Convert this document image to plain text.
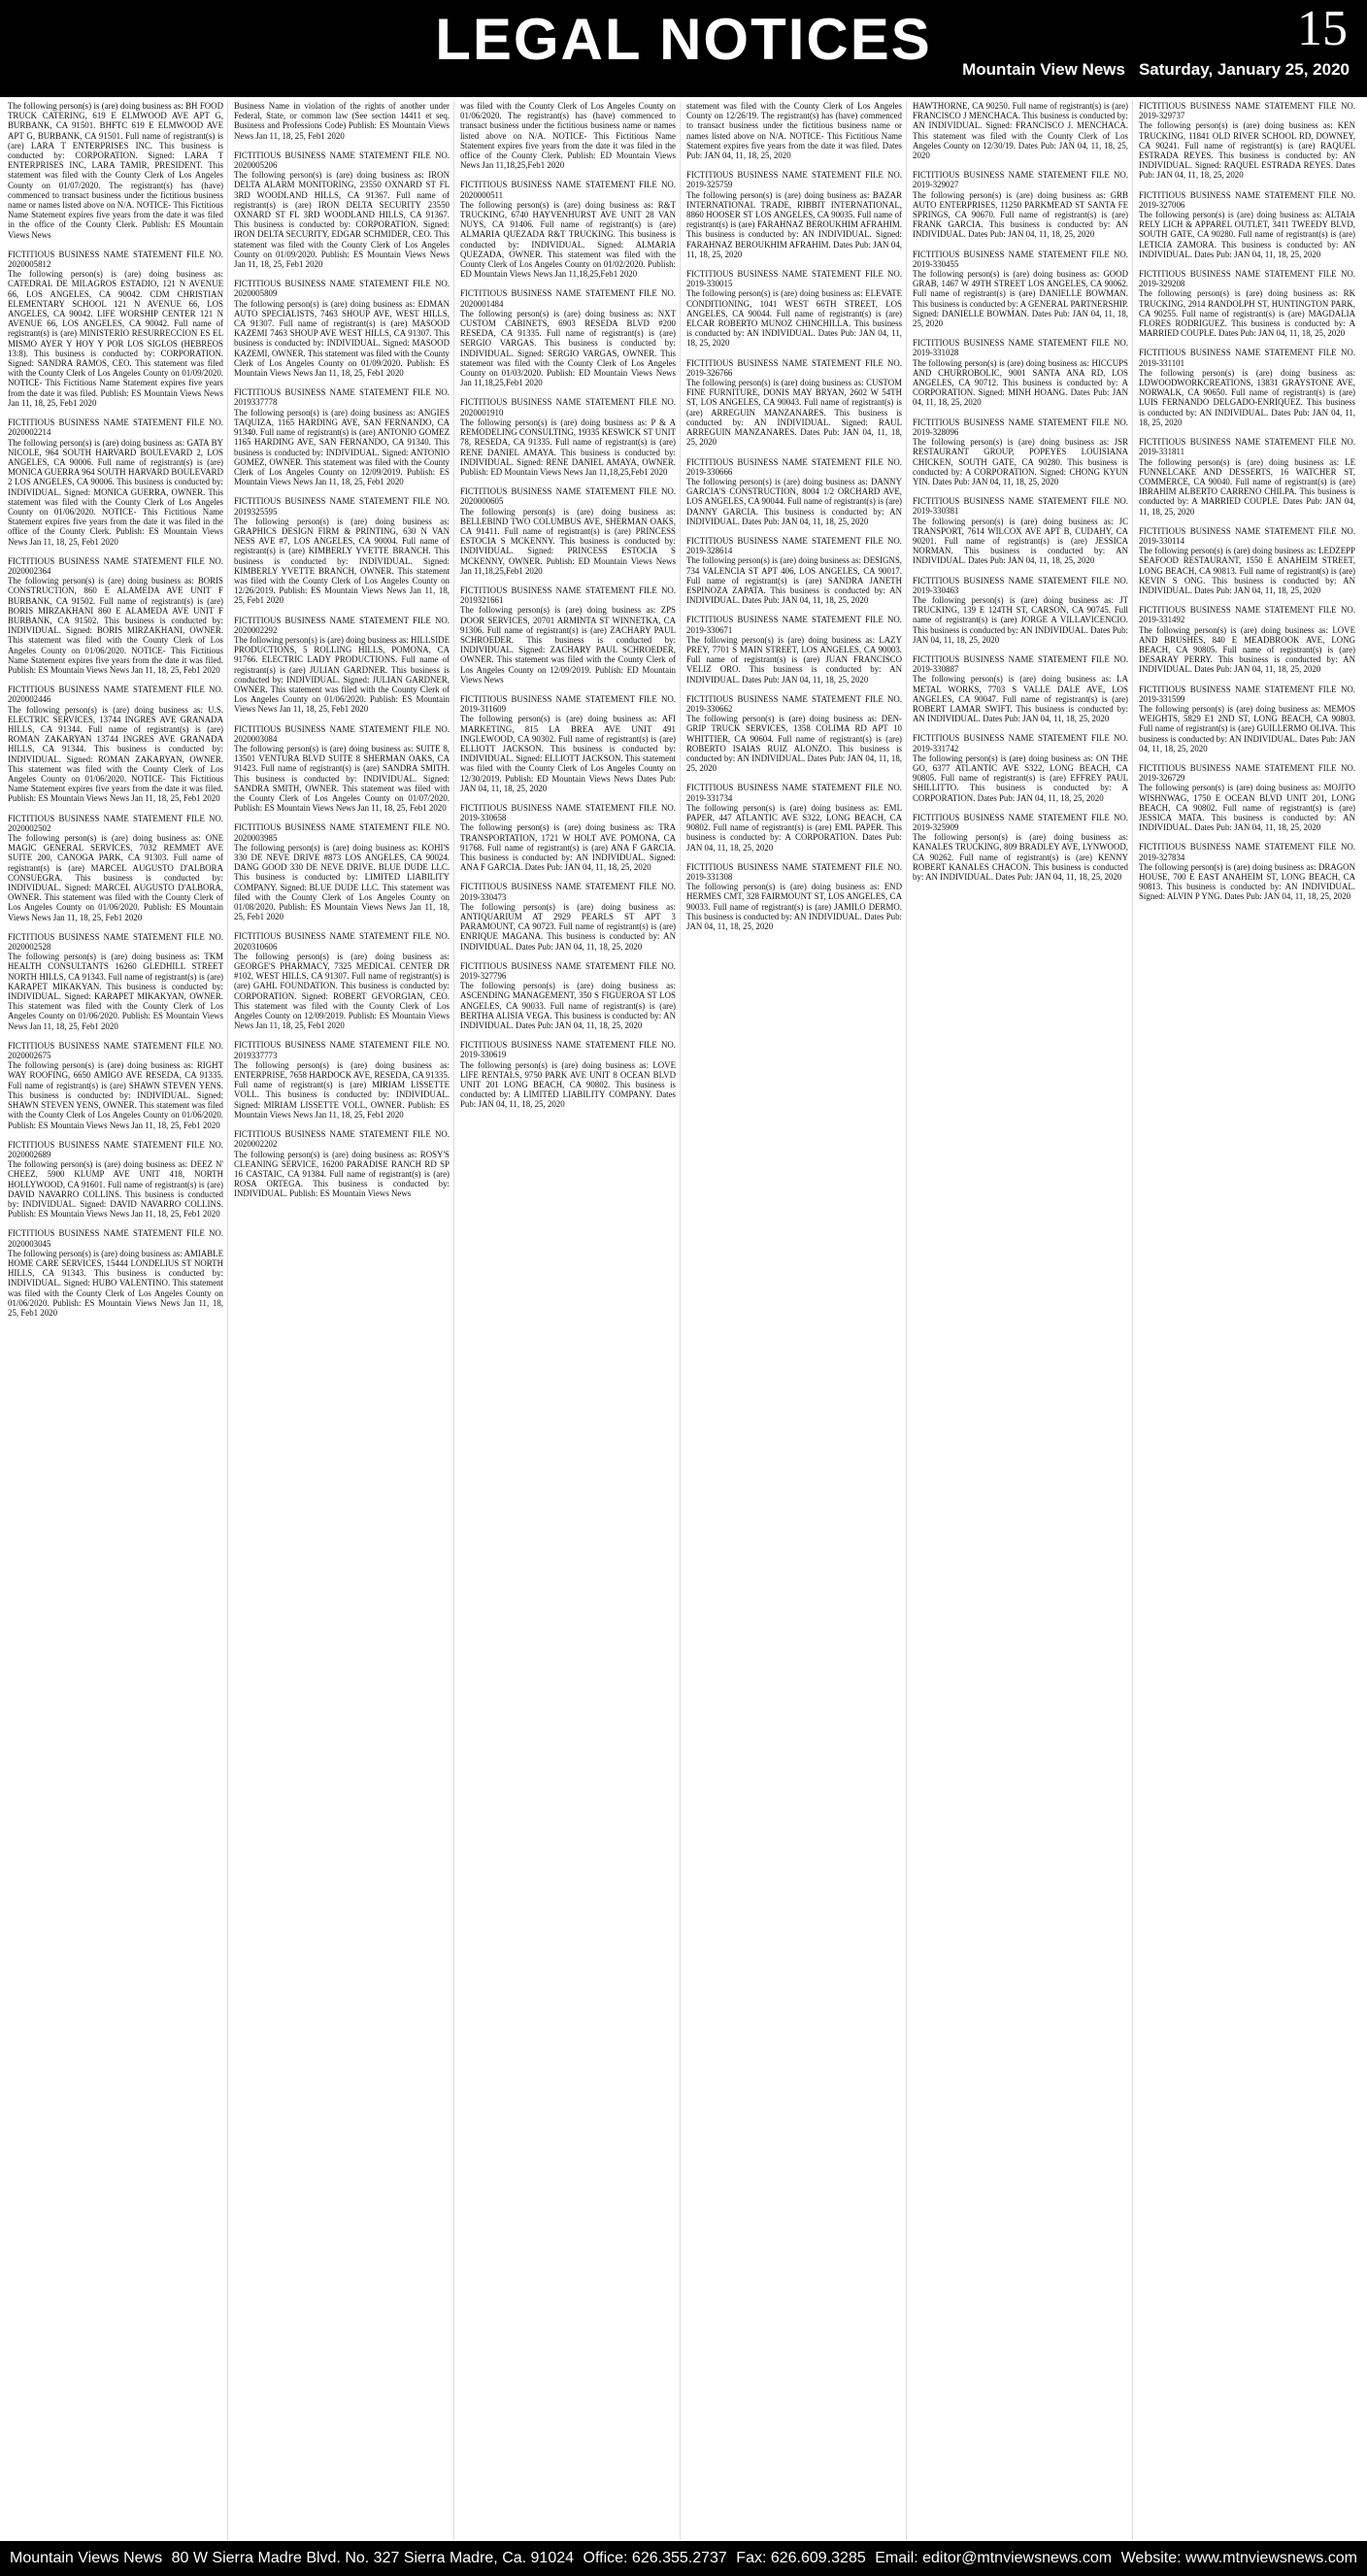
LEGAL NOTICES	15
Mountain View News Saturday, January 25, 2020
The following person(s) is (are) doing business as: BH FOOD TRUCK CATERING, 619 E ELMWOOD AVE APT G, BURBANK, CA 91501. BHFTC 619 E ELMWOOD AVE APT G, BURBANK, CA 91501. Full name of registrant(s) is (are) LARA T ENTERPRISES INC. This business is conducted by: CORPORATION. Signed: LARA T ENTERPRISES INC, LARA TAMIR, PRESIDENT. This statement was filed with the County Clerk of Los Angeles County on 01/07/2020. The registrant(s) has (have) commenced to transact business under the fictitious business name or names listed above on N/A. NOTICE- This Fictitious Name Statement expires five years from the date it was filed in the office of the County Clerk. Publish: ES Mountain Views News
FICTITIOUS BUSINESS NAME STATEMENT FILE NO. 2020005812
The following person(s) is (are) doing business as: CATEDRAL DE MILAGROS ESTADIO, 121 N AVENUE 66, LOS ANGELES, CA 90042. CDM CHRISTIAN ELEMENTARY SCHOOL 121 N AVENUE 66, LOS ANGELES, CA 90042. LIFE WORSHIP CENTER 121 N AVENUE 66, LOS ANGELES, CA 90042. Full name of registrant(s) is (are) MINISTERIO RESURRECCION ES EL MISMO AYER Y HOY Y POR LOS SIGLOS (HEBREOS 13:8). This business is conducted by: CORPORATION. Signed: SANDRA RAMOS, CEO. This statement was filed with the County Clerk of Los Angeles County on 01/09/2020. NOTICE- This Fictitious Name Statement expires five years from the date it was filed. Publish: ES Mountain Views News Jan 11, 18, 25, Feb1 2020
FICTITIOUS BUSINESS NAME STATEMENT FILE NO. 2020002214
The following person(s) is (are) doing business as: GATA BY NICOLE, 964 SOUTH HARVARD BOULEVARD 2, LOS ANGELES, CA 90006. Full name of registrant(s) is (are) MONICA GUERRA 964 SOUTH HARVARD BOULEVARD 2 LOS ANGELES, CA 90006. This business is conducted by: INDIVIDUAL. Signed: MONICA GUERRA, OWNER. This statement was filed with the County Clerk of Los Angeles County on 01/06/2020. NOTICE- This Fictitious Name Statement expires five years from the date it was filed in the office of the County Clerk. Publish: ES Mountain Views News Jan 11, 18, 25, Feb1 2020
FICTITIOUS BUSINESS NAME STATEMENT FILE NO. 2020002364
The following person(s) is (are) doing business as: BORIS CONSTRUCTION, 860 E ALAMEDA AVE UNIT F BURBANK, CA 91502. Full name of registrant(s) is (are) BORIS MIRZAKHANI 860 E ALAMEDA AVE UNIT F BURBANK, CA 91502. This business is conducted by: INDIVIDUAL. Signed: BORIS MIRZAKHANI, OWNER. This statement was filed with the County Clerk of Los Angeles County on 01/06/2020. NOTICE- This Fictitious Name Statement expires five years from the date it was filed. Publish: ES Mountain Views News Jan 11, 18, 25, Feb1 2020
FICTITIOUS BUSINESS NAME STATEMENT FILE NO. 2020002446
The following person(s) is (are) doing business as: U.S. ELECTRIC SERVICES, 13744 INGRES AVE GRANADA HILLS, CA 91344. Full name of registrant(s) is (are) ROMAN ZAKARYAN 13744 INGRES AVE GRANADA HILLS, CA 91344. This business is conducted by: INDIVIDUAL. Signed: ROMAN ZAKARYAN, OWNER. This statement was filed with the County Clerk of Los Angeles County on 01/06/2020. NOTICE- This Fictitious Name Statement expires five years from the date it was filed. Publish: ES Mountain Views News Jan 11, 18, 25, Feb1 2020
FICTITIOUS BUSINESS NAME STATEMENT FILE NO. 2020002502
The following person(s) is (are) doing business as: ONE MAGIC GENERAL SERVICES, 7032 REMMET AVE SUITE 200, CANOGA PARK, CA 91303. Full name of registrant(s) is (are) MARCEL AUGUSTO D'ALBORA CONSUEGRA. This business is conducted by: INDIVIDUAL. Signed: MARCEL AUGUSTO D'ALBORA, OWNER. This statement was filed with the County Clerk of Los Angeles County on 01/06/2020. Publish: ES Mountain Views News Jan 11, 18, 25, Feb1 2020
FICTITIOUS BUSINESS NAME STATEMENT FILE NO. 2020002528
The following person(s) is (are) doing business as: TKM HEALTH CONSULTANTS 16260 GLEDHILL STREET NORTH HILLS, CA 91343. Full name of registrant(s) is (are) KARAPET MIKAKYAN. This business is conducted by: INDIVIDUAL. Signed: KARAPET MIKAKYAN, OWNER. This statement was filed with the County Clerk of Los Angeles County on 01/06/2020. Publish: ES Mountain Views News Jan 11, 18, 25, Feb1 2020
FICTITIOUS BUSINESS NAME STATEMENT FILE NO. 2020002675
The following person(s) is (are) doing business as: RIGHT WAY ROOFING, 6650 AMIGO AVE RESEDA, CA 91335. Full name of registrant(s) is (are) SHAWN STEVEN YENS. This business is conducted by: INDIVIDUAL. Signed: SHAWN STEVEN YENS, OWNER. This statement was filed with the County Clerk of Los Angeles County on 01/06/2020. Publish: ES Mountain Views News Jan 11, 18, 25, Feb1 2020
FICTITIOUS BUSINESS NAME STATEMENT FILE NO. 2020002689
The following person(s) is (are) doing business as: DEEZ N' CHEEZ, 5900 KLUMP AVE UNIT 418, NORTH HOLLYWOOD, CA 91601. Full name of registrant(s) is (are) DAVID NAVARRO COLLINS. This business is conducted by: INDIVIDUAL. Signed: DAVID NAVARRO COLLINS. Publish: ES Mountain Views News Jan 11, 18, 25, Feb1 2020
FICTITIOUS BUSINESS NAME STATEMENT FILE NO. 2020003045
The following person(s) is (are) doing business as: AMIABLE HOME CARE SERVICES, 15444 LONDELIUS ST NORTH HILLS, CA 91343. This business is conducted by: INDIVIDUAL. Signed: HUBO VALENTINO. This statement was filed with the County Clerk of Los Angeles County on 01/06/2020. Publish: ES Mountain Views News Jan 11, 18, 25, Feb1 2020
Business Name in violation of the rights of another under Federal, State, or common law (See section 14411 et seq. Business and Professions Code) Publish: ES Mountain Views News Jan 11, 18, 25, Feb1 2020
FICTITIOUS BUSINESS NAME STATEMENT FILE NO. 2020005206
The following person(s) is (are) doing business as: IRON DELTA ALARM MONITORING, 23550 OXNARD ST FL 3RD WOODLAND HILLS, CA 91367. Full name of registrant(s) is (are) IRON DELTA SECURITY 23550 OXNARD ST FL 3RD WOODLAND HILLS, CA 91367. This business is conducted by: CORPORATION. Signed: IRON DELTA SECURITY, EDGAR SCHMIDER, CEO. This statement was filed with the County Clerk of Los Angeles County on 01/09/2020. Publish: ES Mountain Views News Jan 11, 18, 25, Feb1 2020
FICTITIOUS BUSINESS NAME STATEMENT FILE NO. 2020005809
The following person(s) is (are) doing business as: EDMAN AUTO SPECIALISTS, 7463 SHOUP AVE, WEST HILLS, CA 91307. Full name of registrant(s) is (are) MASOOD KAZEMI 7463 SHOUP AVE WEST HILLS, CA 91307. This business is conducted by: INDIVIDUAL. Signed: MASOOD KAZEMI, OWNER. This statement was filed with the County Clerk of Los Angeles County on 01/09/2020. Publish: ES Mountain Views News Jan 11, 18, 25, Feb1 2020
FICTITIOUS BUSINESS NAME STATEMENT FILE NO. 2019337778
The following person(s) is (are) doing business as: ANGIES TAQUIZA, 1165 HARDING AVE, SAN FERNANDO, CA 91340. Full name of registrant(s) is (are) ANTONIO GOMEZ 1165 HARDING AVE, SAN FERNANDO, CA 91340. This business is conducted by: INDIVIDUAL. Signed: ANTONIO GOMEZ, OWNER. This statement was filed with the County Clerk of Los Angeles County on 12/09/2019. Publish: ES Mountain Views News Jan 11, 18, 25, Feb1 2020
FICTITIOUS BUSINESS NAME STATEMENT FILE NO. 2019325595
The following person(s) is (are) doing business as: GRAPHICS DESIGN FIRM & PRINTING, 630 N VAN NESS AVE #7, LOS ANGELES, CA 90004. Full name of registrant(s) is (are) KIMBERLY YVETTE BRANCH. This business is conducted by: INDIVIDUAL. Signed: KIMBERLY YVETTE BRANCH, OWNER. This statement was filed with the County Clerk of Los Angeles County on 12/26/2019. Publish: ES Mountain Views News Jan 11, 18, 25, Feb1 2020
FICTITIOUS BUSINESS NAME STATEMENT FILE NO. 2020002292
The following person(s) is (are) doing business as: HILLSIDE PRODUCTIONS, 5 ROLLING HILLS, POMONA, CA 91766. ELECTRIC LADY PRODUCTIONS. Full name of registrant(s) is (are) JULIAN GARDNER. This business is conducted by: INDIVIDUAL. Signed: JULIAN GARDNER, OWNER. This statement was filed with the County Clerk of Los Angeles County on 01/06/2020. Publish: ES Mountain Views News Jan 11, 18, 25, Feb1 2020
FICTITIOUS BUSINESS NAME STATEMENT FILE NO. 2020003084
The following person(s) is (are) doing business as: SUITE 8, 13501 VENTURA BLVD SUITE 8 SHERMAN OAKS, CA 91423. Full name of registrant(s) is (are) SANDRA SMITH. This business is conducted by: INDIVIDUAL. Signed: SANDRA SMITH, OWNER. This statement was filed with the County Clerk of Los Angeles County on 01/07/2020. Publish: ES Mountain Views News Jan 11, 18, 25, Feb1 2020
FICTITIOUS BUSINESS NAME STATEMENT FILE NO. 2020003985
The following person(s) is (are) doing business as: KOHI'S 330 DE NEVE DRIVE #873 LOS ANGELES, CA 90024. DANG GOOD 330 DE NEVE DRIVE. BLUE DUDE LLC. This business is conducted by: LIMITED LIABILITY COMPANY. Signed: BLUE DUDE LLC. This statement was filed with the County Clerk of Los Angeles County on 01/08/2020. Publish: ES Mountain Views News Jan 11, 18, 25, Feb1 2020
FICTITIOUS BUSINESS NAME STATEMENT FILE NO. 2020310606
The following person(s) is (are) doing business as: GEORGE'S PHARMACY, 7325 MEDICAL CENTER DR #102, WEST HILLS, CA 91307. Full name of registrant(s) is (are) GAHL FOUNDATION. This business is conducted by: CORPORATION. Signed: ROBERT GEVORGIAN, CEO. This statement was filed with the County Clerk of Los Angeles County on 12/09/2019. Publish: ES Mountain Views News Jan 11, 18, 25, Feb1 2020
FICTITIOUS BUSINESS NAME STATEMENT FILE NO. 2019337773
The following person(s) is (are) doing business as: ENTERPRISE, 7658 HARDOCK AVE, RESEDA, CA 91335. Full name of registrant(s) is (are) MIRIAM LISSETTE VOLL. This business is conducted by: INDIVIDUAL. Signed: MIRIAM LISSETTE VOLL, OWNER. Publish: ES Mountain Views News Jan 11, 18, 25, Feb1 2020
FICTITIOUS BUSINESS NAME STATEMENT FILE NO. 2020002202
The following person(s) is (are) doing business as: ROSY'S CLEANING SERVICE, 16200 PARADISE RANCH RD SP 16 CASTAIC, CA 91384. Full name of registrant(s) is (are) ROSA ORTEGA. This business is conducted by: INDIVIDUAL. Publish: ES Mountain Views News
was filed with the County Clerk of Los Angeles County on 01/06/2020. The registrant(s) has (have) commenced to transact business under the fictitious business name or names listed above on N/A. NOTICE- This Fictitious Name Statement expires five years from the date it was filed in the office of the County Clerk. Publish: ED Mountain Views News Jan 11,18,25,Feb1 2020
FICTITIOUS BUSINESS NAME STATEMENT FILE NO. 2020000511
The following person(s) is (are) doing business as: R&T TRUCKING, 6740 HAYVENHURST AVE UNIT 28 VAN NUYS, CA 91406. Full name of registrant(s) is (are) ALMARIA QUEZADA R&T TRUCKING. This business is conducted by: INDIVIDUAL. Signed: ALMARIA QUEZADA, OWNER. This statement was filed with the County Clerk of Los Angeles County on 01/02/2020. Publish: ED Mountain Views News Jan 11,18,25,Feb1 2020
FICTITIOUS BUSINESS NAME STATEMENT FILE NO. 2020001484
The following person(s) is (are) doing business as: NXT CUSTOM CABINETS, 6903 RESEDA BLVD #200 RESEDA, CA 91335. Full name of registrant(s) is (are) SERGIO VARGAS. This business is conducted by: INDIVIDUAL. Signed: SERGIO VARGAS, OWNER. This statement was filed with the County Clerk of Los Angeles County on 01/03/2020. Publish: ED Mountain Views News Jan 11,18,25,Feb1 2020
FICTITIOUS BUSINESS NAME STATEMENT FILE NO. 2020001910
The following person(s) is (are) doing business as: P & A REMODELING CONSULTING, 19335 KESWICK ST UNIT 78, RESEDA, CA 91335. Full name of registrant(s) is (are) RENE DANIEL AMAYA. This business is conducted by: INDIVIDUAL. Signed: RENE DANIEL AMAYA, OWNER. Publish: ED Mountain Views News Jan 11,18,25,Feb1 2020
FICTITIOUS BUSINESS NAME STATEMENT FILE NO. 2020000605
The following person(s) is (are) doing business as: BELLEBIND TWO COLUMBUS AVE, SHERMAN OAKS, CA 91411. Full name of registrant(s) is (are) PRINCESS ESTOCIA S MCKENNY. This business is conducted by: INDIVIDUAL. Signed: PRINCESS ESTOCIA S MCKENNY, OWNER. Publish: ED Mountain Views News Jan 11,18,25,Feb1 2020
FICTITIOUS BUSINESS NAME STATEMENT FILE NO. 2019321661
The following person(s) is (are) doing business as: ZPS DOOR SERVICES, 20701 ARMINTA ST WINNETKA, CA 91306. Full name of registrant(s) is (are) ZACHARY PAUL SCHROEDER. This business is conducted by: INDIVIDUAL. Signed: ZACHARY PAUL SCHROEDER, OWNER. This statement was filed with the County Clerk of Los Angeles County on 12/09/2019. Publish: ED Mountain Views News
FICTITIOUS BUSINESS NAME STATEMENT FILE NO. 2019-311609
The following person(s) is (are) doing business as: AFI MARKETING, 815 LA BREA AVE UNIT 491 INGLEWOOD, CA 90302. Full name of registrant(s) is (are) ELLIOTT JACKSON. This business is conducted by: INDIVIDUAL. Signed: ELLIOTT JACKSON. This statement was filed with the County Clerk of Los Angeles County on 12/30/2019. Publish: ED Mountain Views News Dates Pub: JAN 04, 11, 18, 25, 2020
FICTITIOUS BUSINESS NAME STATEMENT FILE NO. 2019-330658
The following person(s) is (are) doing business as: TRA TRANSPORTATION, 1721 W HOLT AVE POMONA, CA 91768. Full name of registrant(s) is (are) ANA F GARCIA. This business is conducted by: AN INDIVIDUAL. Signed: ANA F GARCIA. Dates Pub: JAN 04, 11, 18, 25, 2020
FICTITIOUS BUSINESS NAME STATEMENT FILE NO. 2019-330473
The following person(s) is (are) doing business as: ANTIQUARIUM AT 2929 PEARLS ST APT 3 PARAMOUNT, CA 90723. Full name of registrant(s) is (are) ENRIQUE MAGANA. This business is conducted by: AN INDIVIDUAL. Dates Pub: JAN 04, 11, 18, 25, 2020
FICTITIOUS BUSINESS NAME STATEMENT FILE NO. 2019-327796
The following person(s) is (are) doing business as: ASCENDING MANAGEMENT, 350 S FIGUEROA ST LOS ANGELES, CA 90033. Full name of registrant(s) is (are) BERTHA ALISIA VEGA. This business is conducted by: AN INDIVIDUAL. Dates Pub: JAN 04, 11, 18, 25, 2020
FICTITIOUS BUSINESS NAME STATEMENT FILE NO. 2019-330619
The following person(s) is (are) doing business as: LOVE LIFE RENTALS, 9750 PARK AVE UNIT 8 OCEAN BLVD UNIT 201 LONG BEACH, CA 90802. This business is conducted by: A LIMITED LIABILITY COMPANY. Dates Pub: JAN 04, 11, 18, 25, 2020
statement was filed with the County Clerk of Los Angeles County on 12/26/19. The registrant(s) has (have) commenced to transact business under the fictitious business name or names listed above on N/A. NOTICE- This Fictitious Name Statement expires five years from the date it was filed. Dates Pub: JAN 04, 11, 18, 25, 2020
FICTITIOUS BUSINESS NAME STATEMENT FILE NO. 2019-325759
The following person(s) is (are) doing business as: BAZAR INTERNATIONAL TRADE, RIBBIT INTERNATIONAL, 8860 HOOSER ST LOS ANGELES, CA 90035. Full name of registrant(s) is (are) FARAHNAZ BEROUKHIM AFRAHIM. This business is conducted by: AN INDIVIDUAL. Signed: FARAHNAZ BEROUKHIM AFRAHIM. Dates Pub: JAN 04, 11, 18, 25, 2020
FICTITIOUS BUSINESS NAME STATEMENT FILE NO. 2019-330015
The following person(s) is (are) doing business as: ELEVATE CONDITIONING, 1041 WEST 66TH STREET, LOS ANGELES, CA 90044. Full name of registrant(s) is (are) ELCAR ROBERTO MUNOZ CHINCHILLA. This business is conducted by: AN INDIVIDUAL. Dates Pub: JAN 04, 11, 18, 25, 2020
FICTITIOUS BUSINESS NAME STATEMENT FILE NO. 2019-326766
The following person(s) is (are) doing business as: CUSTOM FINE FURNITURE, DONIS MAY BRYAN, 2602 W 54TH ST, LOS ANGELES, CA 90043. Full name of registrant(s) is (are) ARREGUIN MANZANARES. This business is conducted by: AN INDIVIDUAL. Signed: RAUL ARREGUIN MANZANARES. Dates Pub: JAN 04, 11, 18, 25, 2020
FICTITIOUS BUSINESS NAME STATEMENT FILE NO. 2019-330666
The following person(s) is (are) doing business as: DANNY GARCIA'S CONSTRUCTION, 8004 1/2 ORCHARD AVE, LOS ANGELES, CA 90044. Full name of registrant(s) is (are) DANNY GARCIA. This business is conducted by: AN INDIVIDUAL. Dates Pub: JAN 04, 11, 18, 25, 2020
FICTITIOUS BUSINESS NAME STATEMENT FILE NO. 2019-328614
The following person(s) is (are) doing business as: DESIGNS, 734 VALENCIA ST APT 406, LOS ANGELES, CA 90017. Full name of registrant(s) is (are) SANDRA JANETH ESPINOZA ZAPATA. This business is conducted by: AN INDIVIDUAL. Dates Pub: JAN 04, 11, 18, 25, 2020
FICTITIOUS BUSINESS NAME STATEMENT FILE NO. 2019-330671
The following person(s) is (are) doing business as: LAZY PREY, 7701 S MAIN STREET, LOS ANGELES, CA 90003. Full name of registrant(s) is (are) JUAN FRANCISCO VELIZ ORO. This business is conducted by: AN INDIVIDUAL. Dates Pub: JAN 04, 11, 18, 25, 2020
FICTITIOUS BUSINESS NAME STATEMENT FILE NO. 2019-330662
The following person(s) is (are) doing business as: DEN-GRIP TRUCK SERVICES, 1358 COLIMA RD APT 10 WHITTIER, CA 90604. Full name of registrant(s) is (are) ROBERTO ISAIAS RUIZ ALONZO. This business is conducted by: AN INDIVIDUAL. Dates Pub: JAN 04, 11, 18, 25, 2020
FICTITIOUS BUSINESS NAME STATEMENT FILE NO. 2019-331734
The following person(s) is (are) doing business as: EML PAPER, 447 ATLANTIC AVE S322, LONG BEACH, CA 90802. Full name of registrant(s) is (are) EML PAPER. This business is conducted by: A CORPORATION. Dates Pub: JAN 04, 11, 18, 25, 2020
FICTITIOUS BUSINESS NAME STATEMENT FILE NO. 2019-331308
The following person(s) is (are) doing business as: END HERMES CMT, 328 FAIRMOUNT ST, LOS ANGELES, CA 90033. Full name of registrant(s) is (are) JAMILO DERMO. This business is conducted by: AN INDIVIDUAL. Dates Pub: JAN 04, 11, 18, 25, 2020
HAWTHORNE, CA 90250. Full name of registrant(s) is (are) FRANCISCO J MENCHACA. This business is conducted by: AN INDIVIDUAL. Signed: FRANCISCO J. MENCHACA. This statement was filed with the County Clerk of Los Angeles County on 12/30/19. Dates Pub: JAN 04, 11, 18, 25, 2020
FICTITIOUS BUSINESS NAME STATEMENT FILE NO. 2019-329027
The following person(s) is (are) doing business as: GRB AUTO ENTERPRISES, 11250 PARKMEAD ST SANTA FE SPRINGS, CA 90670. Full name of registrant(s) is (are) FRANK GARCIA. This business is conducted by: AN INDIVIDUAL. Dates Pub: JAN 04, 11, 18, 25, 2020
FICTITIOUS BUSINESS NAME STATEMENT FILE NO. 2019-330455
The following person(s) is (are) doing business as: GOOD GRAB, 1467 W 49TH STREET LOS ANGELES, CA 90062. Full name of registrant(s) is (are) DANIELLE BOWMAN. This business is conducted by: A GENERAL PARTNERSHIP. Signed: DANIELLE BOWMAN. Dates Pub: JAN 04, 11, 18, 25, 2020
FICTITIOUS BUSINESS NAME STATEMENT FILE NO. 2019-331028
The following person(s) is (are) doing business as: HICCUPS AND CHURROBOLIC, 9001 SANTA ANA RD, LOS ANGELES, CA 90712. This business is conducted by: A CORPORATION. Signed: MINH HOANG. Dates Pub: JAN 04, 11, 18, 25, 2020
FICTITIOUS BUSINESS NAME STATEMENT FILE NO. 2019-328096
The following person(s) is (are) doing business as: JSR RESTAURANT GROUP, POPEYES LOUISIANA CHICKEN, SOUTH GATE, CA 90280. This business is conducted by: A CORPORATION. Signed: CHONG KYUN YIN. Dates Pub: JAN 04, 11, 18, 25, 2020
FICTITIOUS BUSINESS NAME STATEMENT FILE NO. 2019-330381
The following person(s) is (are) doing business as: JC TRANSPORT, 7614 WILCOX AVE APT B, CUDAHY, CA 90201. Full name of registrant(s) is (are) JESSICA NORMAN. This business is conducted by: AN INDIVIDUAL. Dates Pub: JAN 04, 11, 18, 25, 2020
FICTITIOUS BUSINESS NAME STATEMENT FILE NO. 2019-330463
The following person(s) is (are) doing business as: JT TRUCKING, 139 E 124TH ST, CARSON, CA 90745. Full name of registrant(s) is (are) JORGE A VILLAVICENCIO. This business is conducted by: AN INDIVIDUAL. Dates Pub: JAN 04, 11, 18, 25, 2020
FICTITIOUS BUSINESS NAME STATEMENT FILE NO. 2019-330887
The following person(s) is (are) doing business as: LA METAL WORKS, 7703 S VALLE DALE AVE, LOS ANGELES, CA 90047. Full name of registrant(s) is (are) ROBERT LAMAR SWIFT. This business is conducted by: AN INDIVIDUAL. Dates Pub: JAN 04, 11, 18, 25, 2020
FICTITIOUS BUSINESS NAME STATEMENT FILE NO. 2019-331742
The following person(s) is (are) doing business as: ON THE GO, 6377 ATLANTIC AVE S322, LONG BEACH, CA 90805. Full name of registrant(s) is (are) EFFREY PAUL SHILLITTO. This business is conducted by: A CORPORATION. Dates Pub: JAN 04, 11, 18, 25, 2020
FICTITIOUS BUSINESS NAME STATEMENT FILE NO. 2019-325909
The following person(s) is (are) doing business as: KANALES TRUCKING, 809 BRADLEY AVE, LYNWOOD, CA 90262. Full name of registrant(s) is (are) KENNY ROBERT KANALES CHACON. This business is conducted by: AN INDIVIDUAL. Dates Pub: JAN 04, 11, 18, 25, 2020
FICTITIOUS BUSINESS NAME STATEMENT FILE NO. 2019-329737
The following person(s) is (are) doing business as: KEN TRUCKING, 11841 OLD RIVER SCHOOL RD, DOWNEY, CA 90241. Full name of registrant(s) is (are) RAQUEL ESTRADA REYES. This business is conducted by: AN INDIVIDUAL. Signed: RAQUEL ESTRADA REYES. Dates Pub: JAN 04, 11, 18, 25, 2020
FICTITIOUS BUSINESS NAME STATEMENT FILE NO. 2019-327006
The following person(s) is (are) doing business as: ALTAIA RELY LICH & APPAREL OUTLET, 3411 TWEEDY BLVD, SOUTH GATE, CA 90280. Full name of registrant(s) is (are) LETICIA ZAMORA. This business is conducted by: AN INDIVIDUAL. Dates Pub: JAN 04, 11, 18, 25, 2020
FICTITIOUS BUSINESS NAME STATEMENT FILE NO. 2019-329208
The following person(s) is (are) doing business as: RK TRUCKING, 2914 RANDOLPH ST, HUNTINGTON PARK, CA 90255. Full name of registrant(s) is (are) MAGDALIA FLORES RODRIGUEZ. This business is conducted by: A MARRIED COUPLE. Dates Pub: JAN 04, 11, 18, 25, 2020
FICTITIOUS BUSINESS NAME STATEMENT FILE NO. 2019-331101
The following person(s) is (are) doing business as: LDWOODWORKCREATIONS, 13831 GRAYSTONE AVE, NORWALK, CA 90650. Full name of registrant(s) is (are) LUIS FERNANDO DELGADO-ENRIQUEZ. This business is conducted by: AN INDIVIDUAL. Dates Pub: JAN 04, 11, 18, 25, 2020
FICTITIOUS BUSINESS NAME STATEMENT FILE NO. 2019-331811
The following person(s) is (are) doing business as: LE FUNNELCAKE AND DESSERTS, 16 WATCHER ST, COMMERCE, CA 90040. Full name of registrant(s) is (are) IBRAHIM ALBERTO CARRENO CHILPA. This business is conducted by: A MARRIED COUPLE. Dates Pub: JAN 04, 11, 18, 25, 2020
FICTITIOUS BUSINESS NAME STATEMENT FILE NO. 2019-330114
The following person(s) is (are) doing business as: LEDZEPP SEAFOOD RESTAURANT, 1550 E ANAHEIM STREET, LONG BEACH, CA 90813. Full name of registrant(s) is (are) KEVIN S ONG. This business is conducted by: AN INDIVIDUAL. Dates Pub: JAN 04, 11, 18, 25, 2020
FICTITIOUS BUSINESS NAME STATEMENT FILE NO. 2019-331492
The following person(s) is (are) doing business as: LOVE AND BRUSHES, 840 E MEADBROOK AVE, LONG BEACH, CA 90805. Full name of registrant(s) is (are) DESARAY PERRY. This business is conducted by: AN INDIVIDUAL. Dates Pub: JAN 04, 11, 18, 25, 2020
FICTITIOUS BUSINESS NAME STATEMENT FILE NO. 2019-331599
The following person(s) is (are) doing business as: MEMOS WEIGHTS, 5829 E1 2ND ST, LONG BEACH, CA 90803. Full name of registrant(s) is (are) GUILLERMO OLIVA. This business is conducted by: AN INDIVIDUAL. Dates Pub: JAN 04, 11, 18, 25, 2020
FICTITIOUS BUSINESS NAME STATEMENT FILE NO. 2019-326729
The following person(s) is (are) doing business as: MOJITO WISHNWAG, 1750 E OCEAN BLVD UNIT 201, LONG BEACH, CA 90802. Full name of registrant(s) is (are) JESSICA MATA. This business is conducted by: AN INDIVIDUAL. Dates Pub: JAN 04, 11, 18, 25, 2020
FICTITIOUS BUSINESS NAME STATEMENT FILE NO. 2019-327834
The following person(s) is (are) doing business as: DRAGON HOUSE, 700 E EAST ANAHEIM ST, LONG BEACH, CA 90813. This business is conducted by: AN INDIVIDUAL. Signed: ALVIN P YNG. Dates Pub: JAN 04, 11, 18, 25, 2020
Mountain Views News 80 W Sierra Madre Blvd. No. 327 Sierra Madre, Ca. 91024 Office: 626.355.2737 Fax: 626.609.3285 Email: editor@mtnviewsnews.com Website: www.mtnviewsnews.com
